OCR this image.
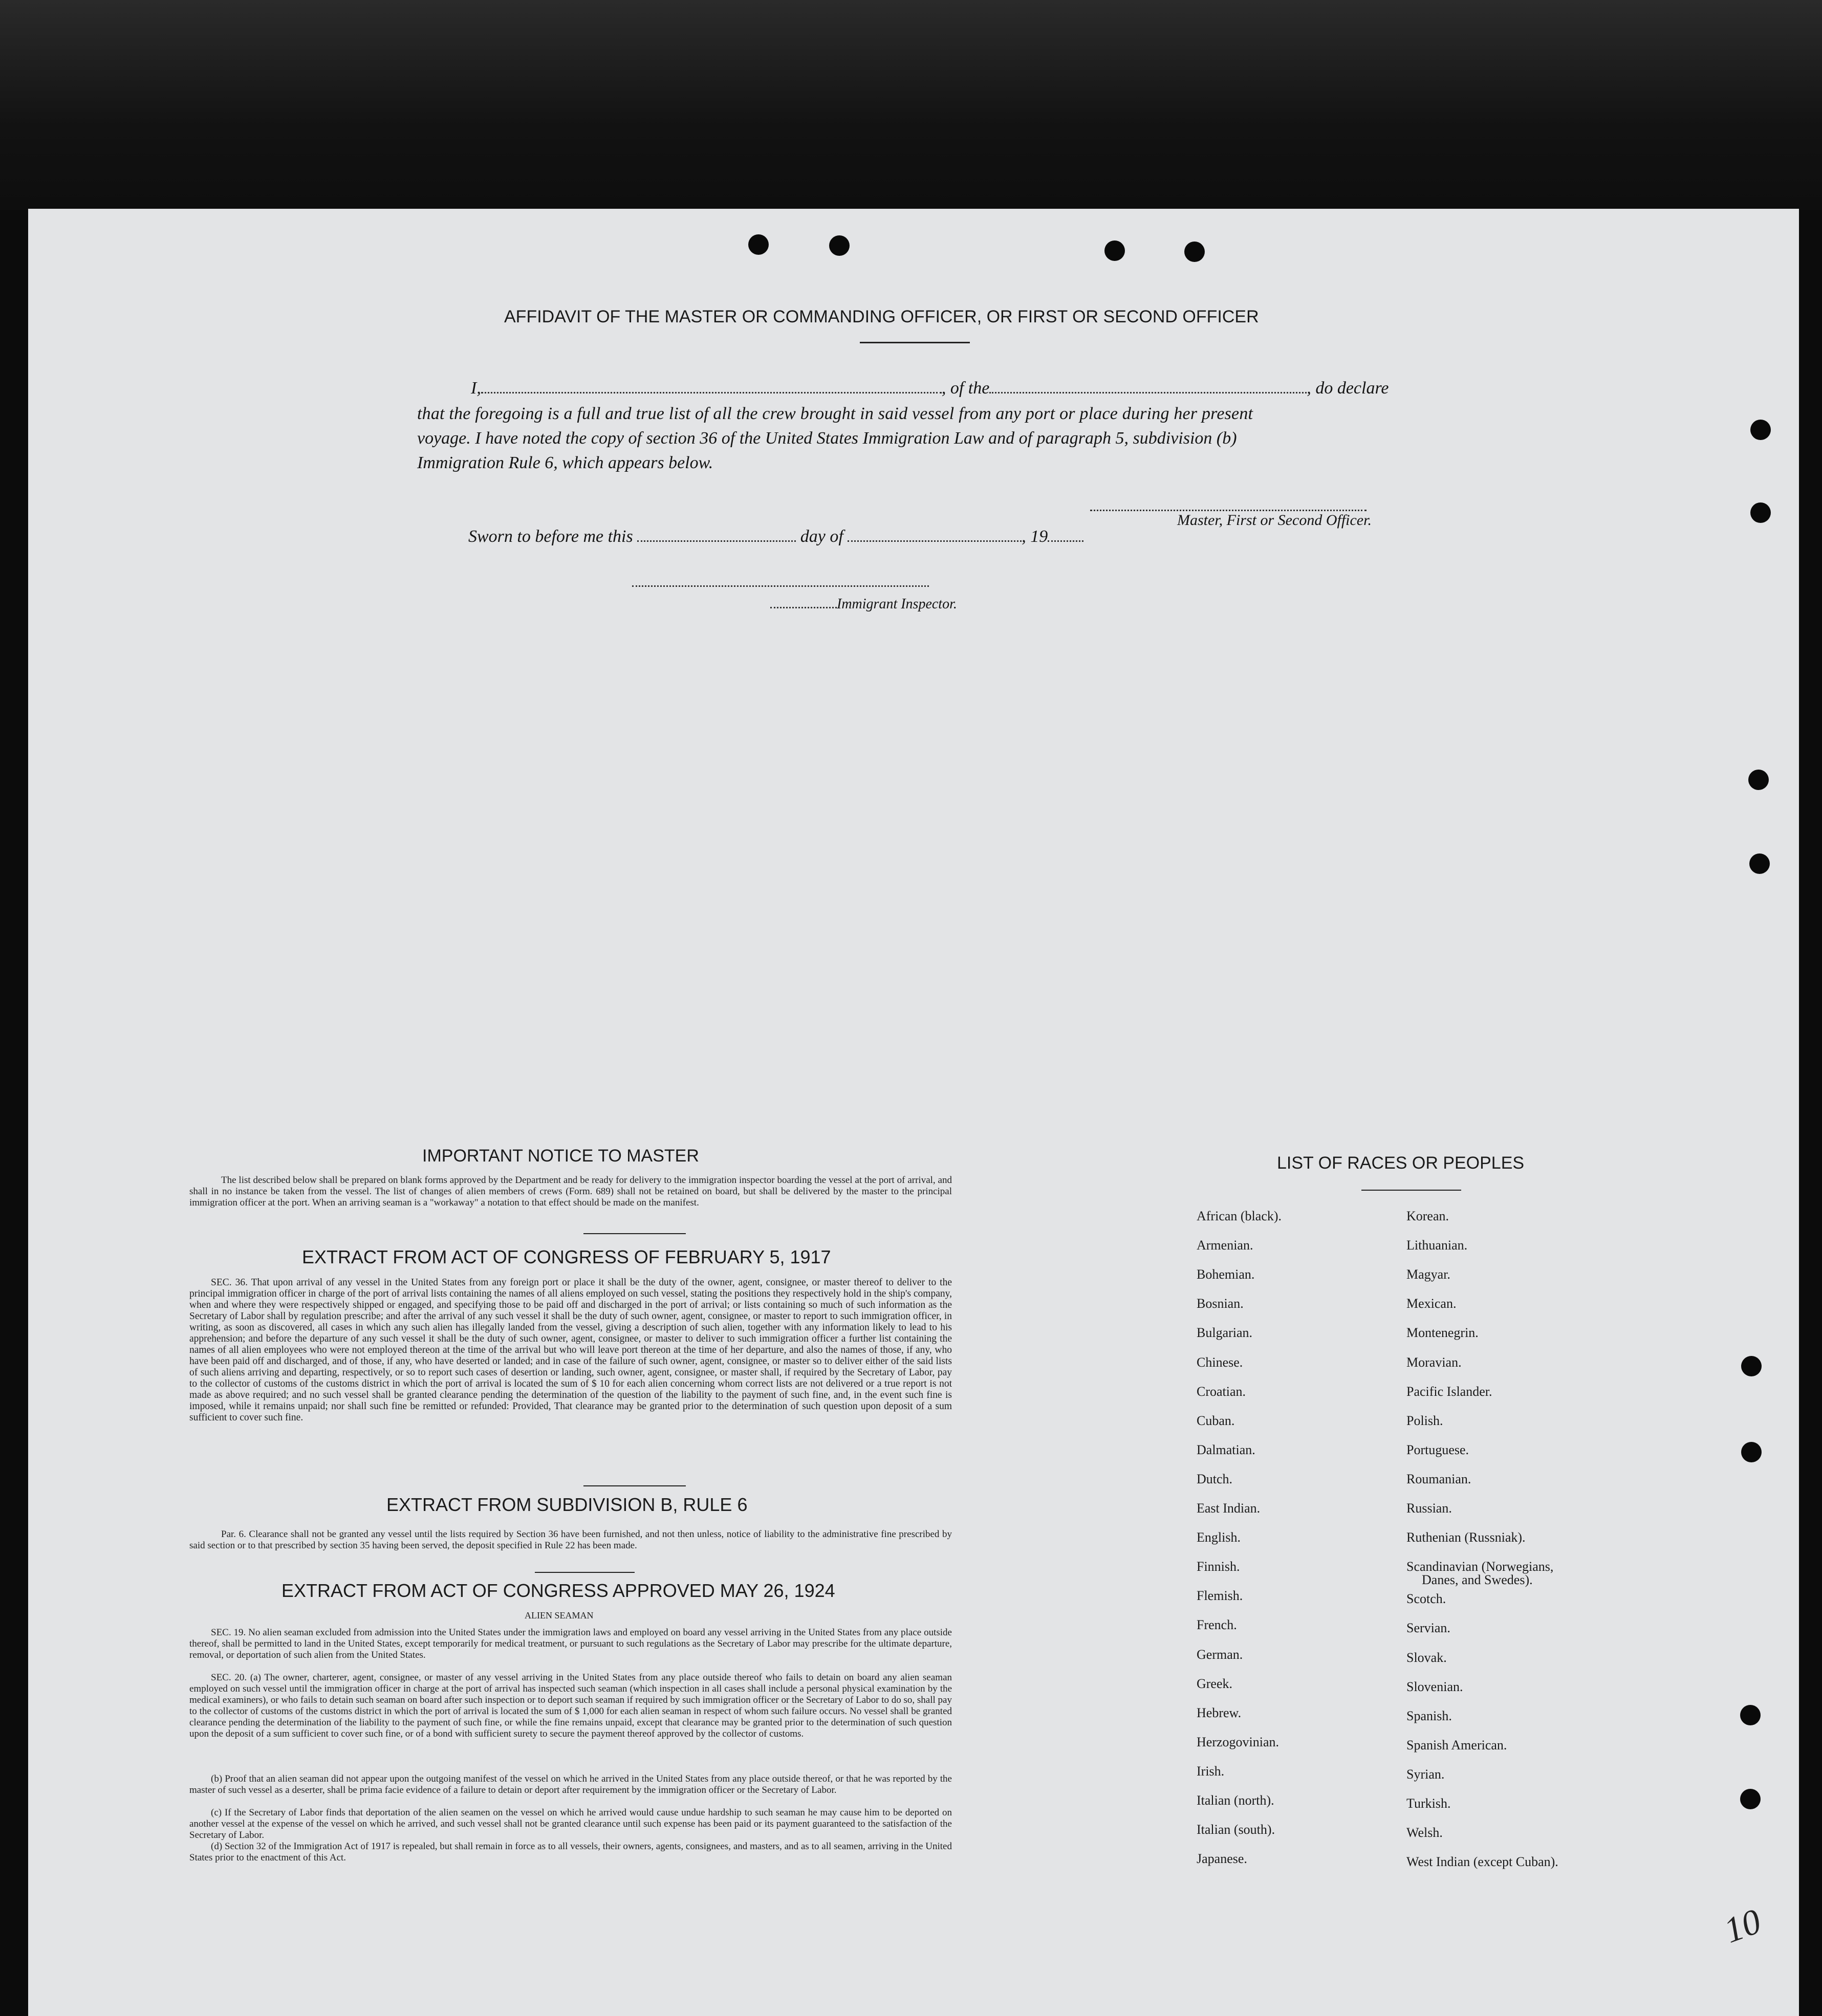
AFFIDAVIT OF THE MASTER OR COMMANDING OFFICER, OR FIRST OR SECOND OFFICER
I,	, of the	, do declare
that the foregoing is a full and true list of all the crew brought in said vessel from any port or place during her present
voyage. I have noted the copy of section 36 of the United States Immigration Law and of paragraph 5, subdivision (b)
Immigration Rule 6, which appears below.
Master, First or Second Officer.
Sworn to before me this	day of	, 19
Immigrant Inspector.
IMPORTANT NOTICE TO MASTER
The list described below shall be prepared on blank forms approved by the Department and be ready for delivery to the immigration inspector boarding the vessel at the port of arrival, and shall in no instance be taken from the vessel. The list of changes of alien members of crews (Form. 689) shall not be retained on board, but shall be delivered by the master to the principal immigration officer at the port. When an arriving seaman is a "workaway" a notation to that effect should be made on the manifest.
EXTRACT FROM ACT OF CONGRESS OF FEBRUARY 5, 1917
SEC. 36. That upon arrival of any vessel in the United States from any foreign port or place it shall be the duty of the owner, agent, consignee, or master thereof to deliver to the principal immigration officer in charge of the port of arrival lists containing the names of all aliens employed on such vessel, stating the positions they respectively hold in the ship's company, when and where they were respectively shipped or engaged, and specifying those to be paid off and discharged in the port of arrival; or lists containing so much of such information as the Secretary of Labor shall by regulation prescribe; and after the arrival of any such vessel it shall be the duty of such owner, agent, consignee, or master to report to such immigration officer, in writing, as soon as discovered, all cases in which any such alien has illegally landed from the vessel, giving a description of such alien, together with any information likely to lead to his apprehension; and before the departure of any such vessel it shall be the duty of such owner, agent, consignee, or master to deliver to such immigration officer a further list containing the names of all alien employees who were not employed thereon at the time of the arrival but who will leave port thereon at the time of her departure, and also the names of those, if any, who have been paid off and discharged, and of those, if any, who have deserted or landed; and in case of the failure of such owner, agent, consignee, or master so to deliver either of the said lists of such aliens arriving and departing, respectively, or so to report such cases of desertion or landing, such owner, agent, consignee, or master shall, if required by the Secretary of Labor, pay to the collector of customs of the customs district in which the port of arrival is located the sum of $ 10 for each alien concerning whom correct lists are not delivered or a true report is not made as above required; and no such vessel shall be granted clearance pending the determination of the question of the liability to the payment of such fine, and, in the event such fine is imposed, while it remains unpaid; nor shall such fine be remitted or refunded: Provided, That clearance may be granted prior to the determination of such question upon deposit of a sum sufficient to cover such fine.
EXTRACT FROM SUBDIVISION B, RULE 6
Par. 6. Clearance shall not be granted any vessel until the lists required by Section 36 have been furnished, and not then unless, notice of liability to the administrative fine prescribed by said section or to that prescribed by section 35 having been served, the deposit specified in Rule 22 has been made.
EXTRACT FROM ACT OF CONGRESS APPROVED MAY 26, 1924
ALIEN SEAMAN
SEC. 19. No alien seaman excluded from admission into the United States under the immigration laws and employed on board any vessel arriving in the United States from any place outside thereof, shall be permitted to land in the United States, except temporarily for medical treatment, or pursuant to such regulations as the Secretary of Labor may prescribe for the ultimate departure, removal, or deportation of such alien from the United States.
SEC. 20. (a) The owner, charterer, agent, consignee, or master of any vessel arriving in the United States from any place outside thereof who fails to detain on board any alien seaman employed on such vessel until the immigration officer in charge at the port of arrival has inspected such seaman (which inspection in all cases shall include a personal physical examination by the medical examiners), or who fails to detain such seaman on board after such inspection or to deport such seaman if required by such immigration officer or the Secretary of Labor to do so, shall pay to the collector of customs of the customs district in which the port of arrival is located the sum of $ 1,000 for each alien seaman in respect of whom such failure occurs. No vessel shall be granted clearance pending the determination of the liability to the payment of such fine, or while the fine remains unpaid, except that clearance may be granted prior to the determination of such question upon the deposit of a sum sufficient to cover such fine, or of a bond with sufficient surety to secure the payment thereof approved by the collector of customs.
(b) Proof that an alien seaman did not appear upon the outgoing manifest of the vessel on which he arrived in the United States from any place outside thereof, or that he was reported by the master of such vessel as a deserter, shall be prima facie evidence of a failure to detain or deport after requirement by the immigration officer or the Secretary of Labor.
(c) If the Secretary of Labor finds that deportation of the alien seamen on the vessel on which he arrived would cause undue hardship to such seaman he may cause him to be deported on another vessel at the expense of the vessel on which he arrived, and such vessel shall not be granted clearance until such expense has been paid or its payment guaranteed to the satisfaction of the Secretary of Labor.
(d) Section 32 of the Immigration Act of 1917 is repealed, but shall remain in force as to all vessels, their owners, agents, consignees, and masters, and as to all seamen, arriving in the United States prior to the enactment of this Act.
LIST OF RACES OR PEOPLES
African (black).
Armenian.
Bohemian.
Bosnian.
Bulgarian.
Chinese.
Croatian.
Cuban.
Dalmatian.
Dutch.
East Indian.
English.
Finnish.
Flemish.
French.
German.
Greek.
Hebrew.
Herzogovinian.
Irish.
Italian (north).
Italian (south).
Japanese.
Korean.
Lithuanian.
Magyar.
Mexican.
Montenegrin.
Moravian.
Pacific Islander.
Polish.
Portuguese.
Roumanian.
Russian.
Ruthenian (Russniak).
Scandinavian (Norwegians,
Danes, and Swedes).
Scotch.
Servian.
Slovak.
Slovenian.
Spanish.
Spanish American.
Syrian.
Turkish.
Welsh.
West Indian (except Cuban).
10
